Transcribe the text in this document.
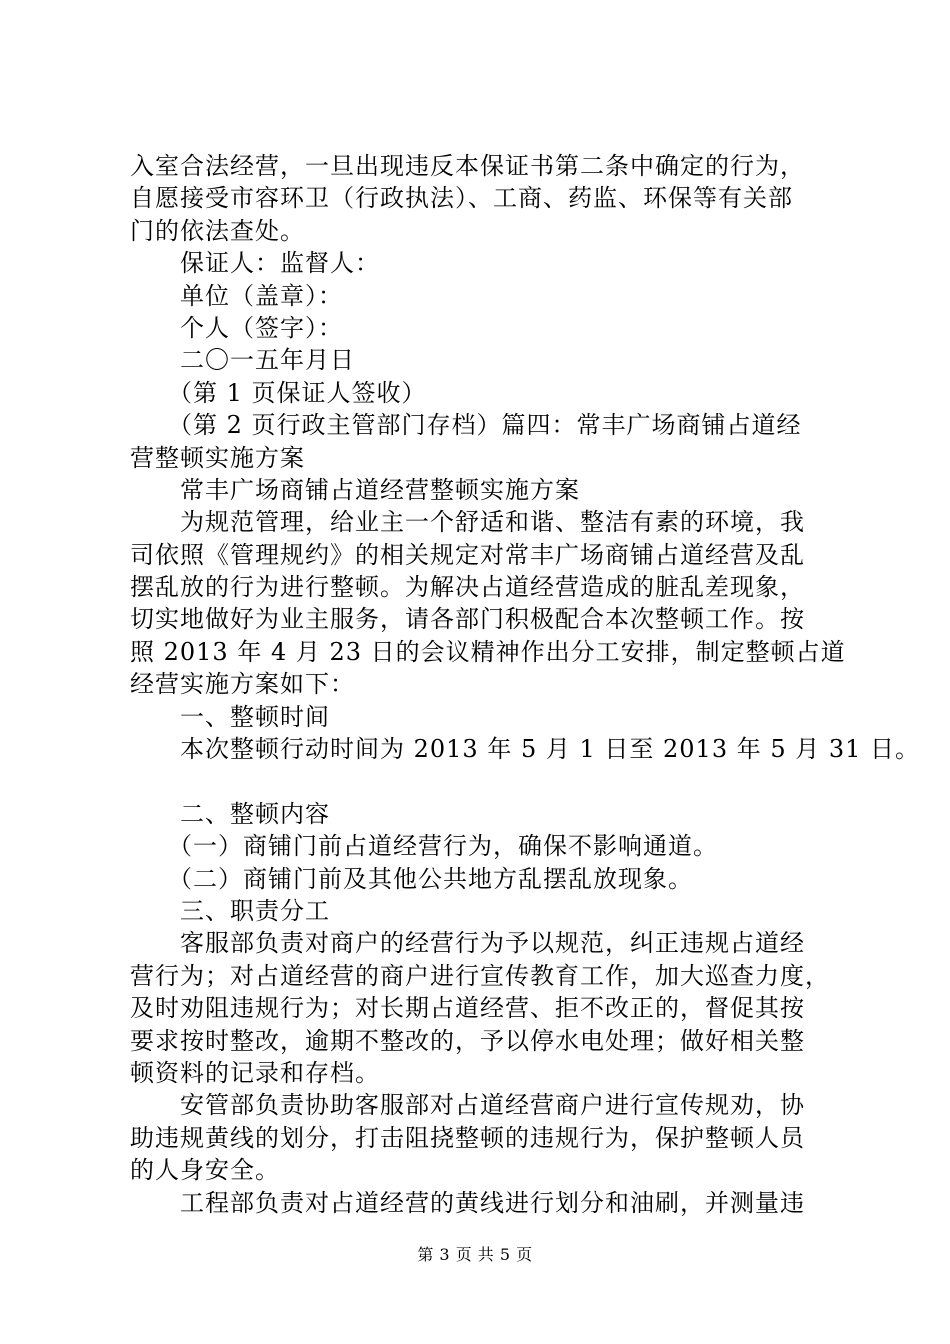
入室合法经营，一旦出现违反本保证书第二条中确定的行为，
自愿接受市容环卫（行政执法）、工商、药监、环保等有关部
门的依法查处。
　　保证人：监督人：
　　单位（盖章）：
　　个人（签字）：
　　二〇一五年月日
　　（第 1 页保证人签收）
　　（第 2 页行政主管部门存档）篇四：常丰广场商铺占道经
营整顿实施方案
　　常丰广场商铺占道经营整顿实施方案
　　为规范管理，给业主一个舒适和谐、整洁有素的环境，我
司依照《管理规约》的相关规定对常丰广场商铺占道经营及乱
摆乱放的行为进行整顿。为解决占道经营造成的脏乱差现象，
切实地做好为业主服务，请各部门积极配合本次整顿工作。按
照 2013 年 4 月 23 日的会议精神作出分工安排，制定整顿占道
经营实施方案如下：
　　一、整顿时间
　　本次整顿行动时间为 2013 年 5 月 1 日至 2013 年 5 月 31 日。
　　二、整顿内容
　　（一）商铺门前占道经营行为，确保不影响通道。
　　（二）商铺门前及其他公共地方乱摆乱放现象。
　　三、职责分工
　　客服部负责对商户的经营行为予以规范，纠正违规占道经
营行为；对占道经营的商户进行宣传教育工作，加大巡查力度，
及时劝阻违规行为；对长期占道经营、拒不改正的，督促其按
要求按时整改，逾期不整改的，予以停水电处理；做好相关整
顿资料的记录和存档。
　　安管部负责协助客服部对占道经营商户进行宣传规劝，协
助违规黄线的划分，打击阻挠整顿的违规行为，保护整顿人员
的人身安全。
　　工程部负责对占道经营的黄线进行划分和油刷，并测量违
第 3 页 共 5 页
